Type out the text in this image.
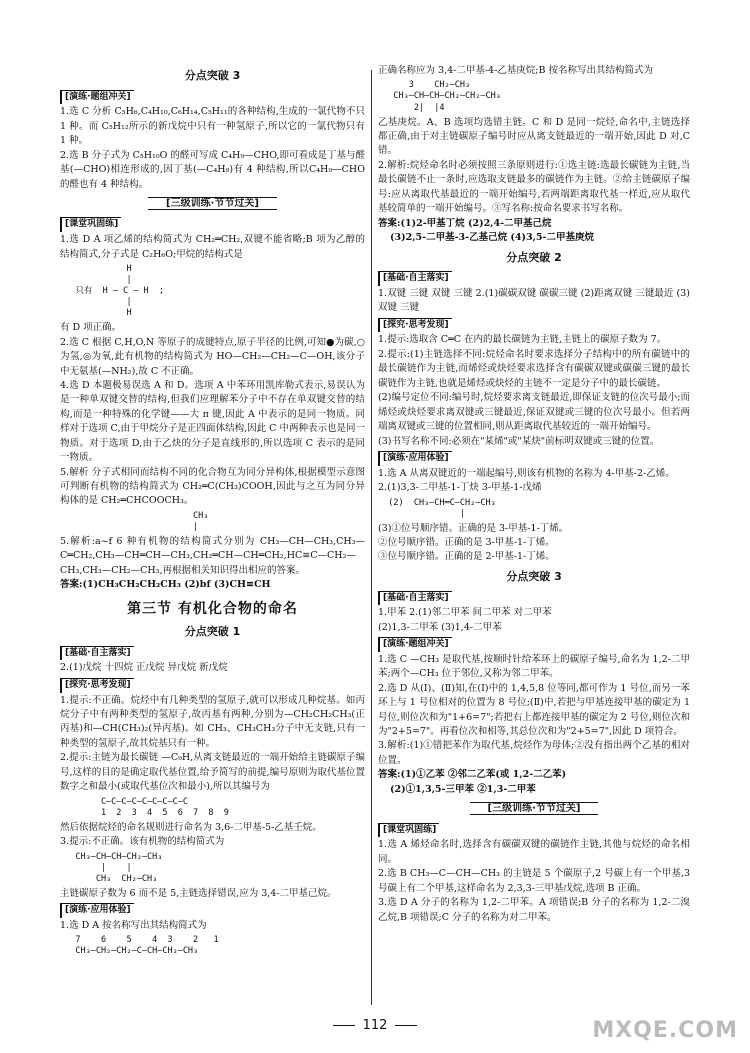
分点突破 3
[演练·题组冲关]

1.选 C 分析 C₅H₆,C₄H₁₀,C₆H₁₄,C₅H₁₁的各种结构,生成的一氯代物不只 1 种。而 C₅H₁₂所示的新戊烷中只有一种氢原子,所以它的一氯代物只有 1 种。

2.选 B 分子式为 C₅H₁₀O 的醛可写成 C₄H₉—CHO,即可看成是丁基与醛基(—CHO)相连形成的,因丁基(—C₄H₉)有 4 种结构,所以C₄H₉—CHO的醛也有 4 种结构。

[三级训练·节节过关]
[课堂巩固练]

1.选 D A 项乙烯的结构简式为 CH₂═CH₂,双键不能省略;B 项为乙醇的结构简式,分子式是 C₂H₆O;甲烷的结构式是

H
|
只有  H — C — H  ;
|
H

有 D 项正确。

2.选 C 根据 C,H,O,N 等原子的成键特点,原子半径的比例,可知●为碳,○为氢,◎为氧,此有机物的结构简式为 HO—CH₂—CH₂—C—OH,该分子中无氨基(—NH₂),故 C 不正确。

4.选 D 本题极易误选 A 和 D。选项 A 中苯环用凯库勒式表示,易误认为是一种单双键交替的结构,但我们应理解苯分子中不存在单双键交替的结构,而是一种特殊的化学键——大 π 键,因此 A 中表示的是同一物质。同样对于选项 C,由于甲烷分子是正四面体结构,因此 C 中两种表示也是同一物质。对于选项 D,由于乙炔的分子是直线形的,所以选项 C 表示的是同一物质。

5.解析 分子式相同而结构不同的化合物互为同分异构体,根据模型示意图可判断有机物的结构简式为 CH₂═C(CH₃)COOH,因此与之互为同分异构体的是 CH₂═CHCOOCH₃。

CH₃
|

5.解析:a~f 6 种有机物的结构简式分别为 CH₃—CH—CH₃,CH₃—C═CH₂,CH₃—CH═CH—CH₃,CH₂═CH—CH═CH₂,HC≡C—CH₂—CH₃,CH₃—CH₂—CH₃,再根据相关知识得出相应的答案。

答案:(1)CH₃CH₂CH₂CH₃ (2)bf (3)CH≡CH

第三节 有机化合物的命名
分点突破 1
[基础·自主落实]

2.(1)戊烷 十四烷 正戊烷 异戊烷 新戊烷

[探究·思考发现]

1.提示:不正确。烷烃中有几种类型的氢原子,就可以形成几种烷基。如丙烷分子中有两种类型的氢原子,故丙基有两种,分别为—CH₂CH₂CH₃(正丙基)和—CH(CH₃)₂(异丙基)。如 CH₃、CH₃CH₃分子中无支链,只有一种类型的氢原子,故其烷基只有一种。

2.提示:主链为最长碳链 —C₉H,从离支链最近的一端开始给主链碳原子编号,这样的目的是确定取代基位置,给予简写的前提,编号原则为取代基位置数字之和最小(或取代基位次和最小),所以其编号为

C—C—C—C—C—C—C—C—C
1  2  3  4  5  6  7  8  9

然后依据烷烃的命名规则进行命名为 3,6-二甲基-5-乙基壬烷。

3.提示:不正确。该有机物的结构简式为

CH₃—CH—CH—CH₂—CH₃
|    |
CH₃  CH₂—CH₃

主链碳原子数为 6 而不是 5,主链选择错误,应为 3,4-二甲基己烷。

[演练·应用体验]

1.选 D A 按名称写出其结构简式为

7    6    5    4  3    2   1
CH₃—CH₂—CH₂—C—CH—CH₂—CH₃

正确名称应为 3,4-二甲基-4-乙基庚烷;B 按名称写出其结构简式为

3    CH₂—CH₃
CH₃—CH—CH—CH₂—CH₂—CH₃
2|  |4

乙基庚烷。A、B 选项均选错主链。C 和 D 是同一烷烃,命名中,主链选择都正确,由于对主链碳原子编号时应从离支链最近的一端开始,因此 D 对,C 错。

2.解析:烷烃命名时必须按照三条原则进行:①选主链:选最长碳链为主链,当最长碳链不止一条时,应选取支链最多的碳链作为主链。②给主链碳原子编号:应从离取代基最近的一端开始编号,若两端距离取代基一样近,应从取代基较简单的一端开始编号。③写名称:按命名要求书写名称。

答案:(1)2-甲基丁烷 (2)2,4-二甲基己烷

(3)2,5-二甲基-3-乙基己烷 (4)3,5-二甲基庚烷

分点突破 2
[基础·自主落实]

1.双键 三键 双键 三键 2.(1)碳碳双键 碳碳三键 (2)距离双键 三键最近 (3)双键 三键

[探究·思考发现]

1.提示:选取含 C═C 在内的最长碳链为主链,主链上的碳原子数为 7。

2.提示:(1)主链选择不同:烷烃命名时要求选择分子结构中的所有碳链中的最长碳链作为主链,而烯烃或炔烃要求选择含有碳碳双键或碳碳三键的最长碳链作为主链,也就是烯烃或炔烃的主链不一定是分子中的最长碳链。

(2)编号定位不同:编号时,烷烃要求离支链最近,即保证支链的位次号最小;而烯烃或炔烃要求离双键或三键最近,保证双键或三键的位次号最小。但若两端离双键或三键的位置相同,则从距离取代基较近的一端开始编号。

(3)书写名称不同:必须在"某烯"或"某炔"前标明双键或三键的位置。

[演练·应用体验]

1.选 A 从离双键近的一端起编号,则该有机物的名称为 4-甲基-2-乙烯。

2.(1)3,3-二甲基-1-丁炔 3-甲基-1-戊烯

(2)  CH₃—CH═C—CH₂—CH₃
|

(3)①位号顺序错。正确的是 3-甲基-1-丁烯。

②位号顺序错。正确的是 3-甲基-1-丁烯。

③位号顺序错。正确的是 2-甲基-1-丁烯。

分点突破 3
[基础·自主落实]

1.甲苯 2.(1)邻二甲苯 间二甲苯 对二甲苯

(2)1,3-二甲苯 (3)1,4-二甲苯

[演练·题组冲关]

1.选 C —CH₃ 是取代基,按顺时针给苯环上的碳原子编号,命名为 1,2-二甲苯;两个—CH₃ 位于邻位,又称为邻二甲苯。

2.选 D 从(Ⅰ)、(Ⅱ)知,在(Ⅰ)中的 1,4,5,8 位等同,都可作为 1 号位,而另一苯环上与 1 号位相对的位置为 8 号位;(Ⅱ)中,若把与甲基连接甲基的碳定为 1 号位,则位次和为"1+6=7";若把右上都连接甲基的碳定为 2 号位,则位次和为"2+5=7"。再看位次和相等,其总位次和为"2+5=7",因此 D 项符合。

3.解析:(1)①错把苯作为取代基,烷烃作为母体;②没有指出两个乙基的相对位置。

答案:(1)①乙苯 ②邻二乙苯(或 1,2-二乙苯)

(2)①1,3,5-三甲苯 ②1,3-二甲苯

[三级训练·节节过关]
[课堂巩固练]

1.选 A 烯烃命名时,选择含有碳碳双键的碳链作主链,其他与烷烃的命名相同。

2.选 B CH₃—C—CH—CH₃ 的主链是 5 个碳原子,2 号碳上有一个甲基,3 号碳上有二个甲基,这样命名为 2,3,3-三甲基戊烷,选项 B 正确。

3.选 D A 分子的名称为 1,2-二甲苯。A 项错误;B 分子的名称为 1,2-二溴乙烷,B 项错误;C 分子的名称为对二甲苯。

112	MXQE.COM
